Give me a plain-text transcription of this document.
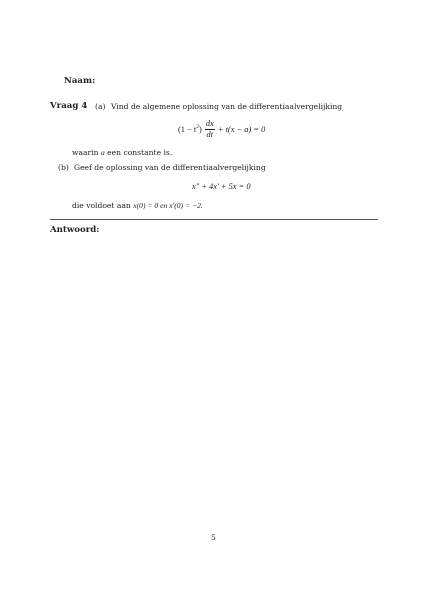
Naam:
Vraag 4 (a) Vind de algemene oplossing van de differentiaalvergelijking
$(1 - t^2) \frac{dx}{dt} + t(x - a) = 0$
waarin a een constante is.
(b) Geef de oplossing van de differentiaalvergelijking
x″ + 4x′ + 5x = 0
die voldoet aan x(0) = 0 en x′(0) = −2.
Antwoord:
5
